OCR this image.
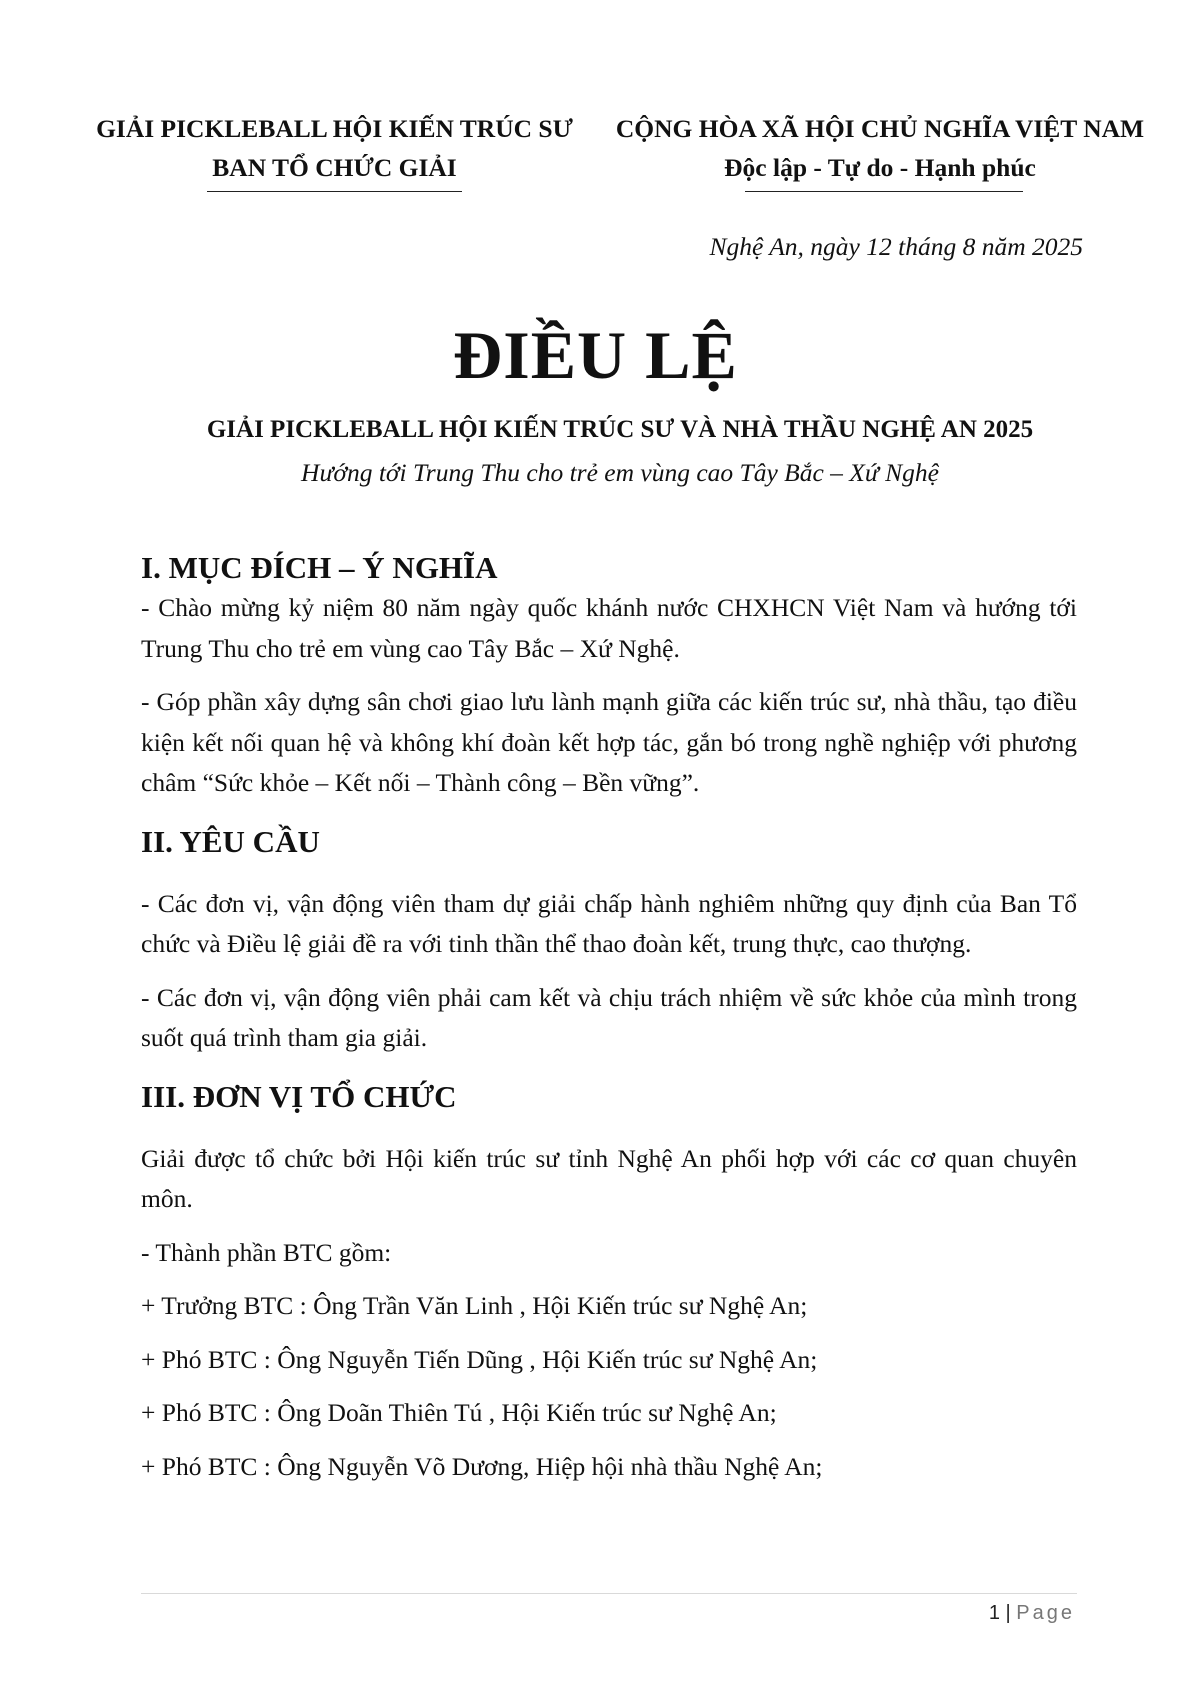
GIẢI PICKLEBALL HỘI KIẾN TRÚC SƯ
BAN TỔ CHỨC GIẢI
CỘNG HÒA XÃ HỘI CHỦ NGHĨA VIỆT NAM
Độc lập - Tự do - Hạnh phúc
Nghệ An, ngày 12 tháng 8 năm 2025
ĐIỀU LỆ
GIẢI PICKLEBALL HỘI KIẾN TRÚC SƯ VÀ NHÀ THẦU NGHỆ AN 2025
Hướng tới Trung Thu cho trẻ em vùng cao Tây Bắc – Xứ Nghệ
I. MỤC ĐÍCH – Ý NGHĨA

- Chào mừng kỷ niệm 80 năm ngày quốc khánh nước CHXHCN Việt Nam và hướng tới Trung Thu cho trẻ em vùng cao Tây Bắc – Xứ Nghệ.

- Góp phần xây dựng sân chơi giao lưu lành mạnh giữa các kiến trúc sư, nhà thầu, tạo điều kiện kết nối quan hệ và không khí đoàn kết hợp tác, gắn bó trong nghề nghiệp với phương châm “Sức khỏe – Kết nối – Thành công – Bền vững”.

II. YÊU CẦU

- Các đơn vị, vận động viên tham dự giải chấp hành nghiêm những quy định của Ban Tổ chức và Điều lệ giải đề ra với tinh thần thể thao đoàn kết, trung thực, cao thượng.

- Các đơn vị, vận động viên phải cam kết và chịu trách nhiệm về sức khỏe của mình trong suốt quá trình tham gia giải.

III. ĐƠN VỊ TỔ CHỨC

Giải được tổ chức bởi Hội kiến trúc sư tỉnh Nghệ An phối hợp với các cơ quan chuyên môn.

- Thành phần BTC gồm:

+ Trưởng BTC : Ông Trần Văn Linh , Hội Kiến trúc sư Nghệ An;

+ Phó BTC : Ông Nguyễn Tiến Dũng , Hội Kiến trúc sư Nghệ An;

+ Phó BTC : Ông Doãn Thiên Tú , Hội Kiến trúc sư Nghệ An;

+ Phó BTC : Ông Nguyễn Võ Dương, Hiệp hội nhà thầu Nghệ An;

1 | Page
